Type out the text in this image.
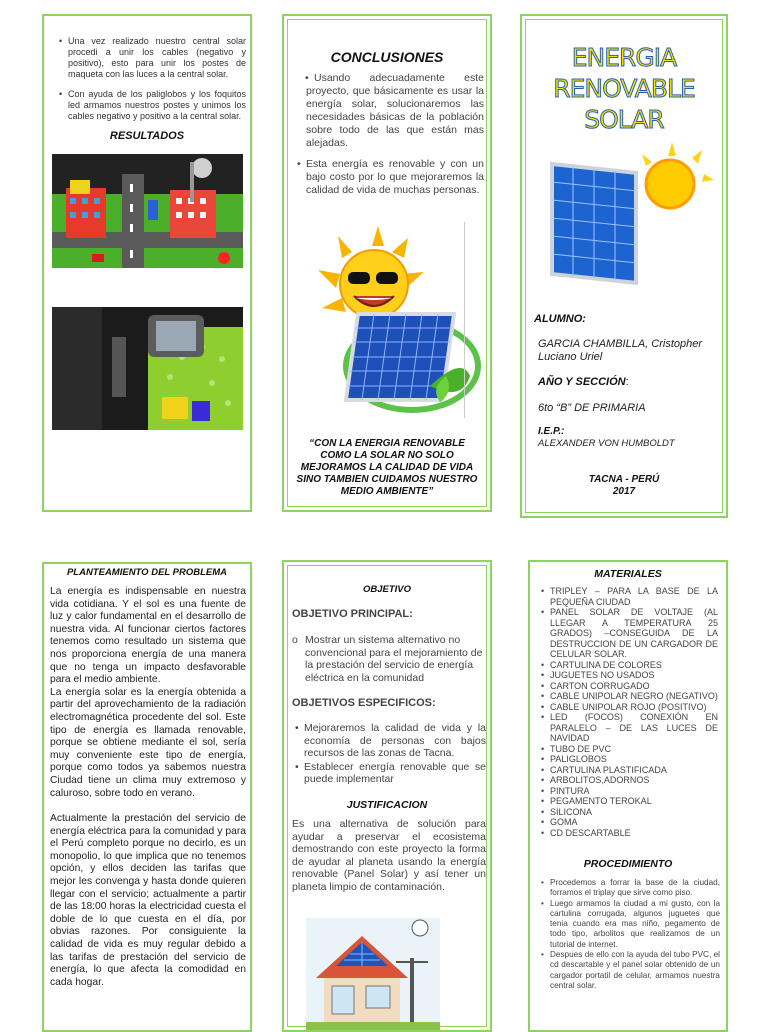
• Una vez realizado nuestro central solar procedi a unir los cables (negativo y positivo), esto para unir los postes de maqueta con las luces a la central solar.
• Con ayuda de los paliglobos y los foquitos led armamos nuestros postes y unimos los cables negativo y positivo a la central solar.
RESULTADOS
CONCLUSIONES
• Usando adecuadamente este proyecto, que básicamente es usar la energía solar, solucionaremos las necesidades básicas de la población sobre todo de las que están mas alejadas.
• Esta energía es renovable y con un bajo costo por lo que mejoraremos la calidad de vida de muchas personas.
“CON LA ENERGIA RENOVABLE COMO LA SOLAR NO SOLO MEJORAMOS LA CALIDAD DE VIDA SINO TAMBIEN CUIDAMOS NUESTRO MEDIO AMBIENTE”
ENERGIA RENOVABLE
SOLAR
ALUMNO:
GARCIA CHAMBILLA, Cristopher Luciano Uriel
AÑO Y SECCIÓN:
6to “B” DE PRIMARIA
I.E.P.:
ALEXANDER VON HUMBOLDT
TACNA - PERÚ
2017
PLANTEAMIENTO DEL PROBLEMA

La energía es indispensable en nuestra vida cotidiana. Y el sol es una fuente de luz y calor fundamental en el desarrollo de nuestra vida. Al funcionar ciertos factores tenemos como resultado un sistema que nos proporciona energía de una manera que no tenga un impacto desfavorable para el medio ambiente.

La energía solar es la energía obtenida a partir del aprovechamiento de la radiación electromagnética procedente del sol. Este tipo de energía es llamada renovable, porque se obtiene mediante el sol, sería muy conveniente este tipo de energía, porque como todos ya sabemos nuestra Ciudad tiene un clima muy extremoso y caluroso, sobre todo en verano.

Actualmente la prestación del servicio de energía eléctrica para la comunidad y para el Perú completo porque no decirlo, es un monopolio, lo que implica que no tenemos opción, y ellos deciden las tarifas que mejor les convenga y hasta donde quieren llegar con el servicio; actualmente a partir de las 18:00 horas la electricidad cuesta el doble de lo que cuesta en el día, por obvias razones. Por consiguiente la calidad de vida es muy regular debido a las tarifas de prestación del servicio de energía, lo que afecta la comodidad en cada hogar.

OBJETIVO
OBJETIVO PRINCIPAL:
o Mostrar un sistema alternativo no convencional para el mejoramiento de la prestación del servicio de energía eléctrica en la comunidad
OBJETIVOS ESPECIFICOS:
• Mejoraremos la calidad de vida y la economía de personas con bajos recursos de las zonas de Tacna.
• Establecer energía renovable que se puede implementar
JUSTIFICACION
Es una alternativa de solución para ayudar a preservar el ecosistema demostrando con este proyecto la forma de ayudar al planeta usando la energía renovable (Panel Solar) y así tener un planeta limpio de contaminación.
MATERIALES
• TRIPLEY – PARA LA BASE DE LA PEQUEÑA CIUDAD
• PANEL SOLAR DE VOLTAJE (AL LLEGAR A TEMPERATURA 25 GRADOS) –CONSEGUIDA DE LA DESTRUCCION DE UN CARGADOR DE CELULAR SOLAR.
• CARTULINA DE COLORES
• JUGUETES NO USADOS
• CARTON CORRUGADO
• CABLE UNIPOLAR NEGRO (NEGATIVO)
• CABLE UNIPOLAR ROJO (POSITIVO)
• LED (FOCOS) CONEXIÓN EN PARALELO – DE LAS LUCES DE NAVIDAD
• TUBO DE PVC
• PALIGLOBOS
• CARTULINA PLASTIFICADA
• ARBOLITOS,ADORNOS
• PINTURA
• PEGAMENTO TEROKAL
• SILICONA
• GOMA
• CD DESCARTABLE
PROCEDIMIENTO
• Procedemos a forrar la base de la ciudad, forramos el triplay que sirve como piso.
• Luego armamos la ciudad a mi gusto, con la cartulina corrugada, algunos juguetes que tenia cuando era mas niño, pegamento de todo tipo, arbolitos que realizamos de un tutorial de internet.
• Despues de ello con la ayuda del tubo PVC, el cd descartable y el panel solar obtenido de un cargador portatil de celular, armamos nuestra central solar.
